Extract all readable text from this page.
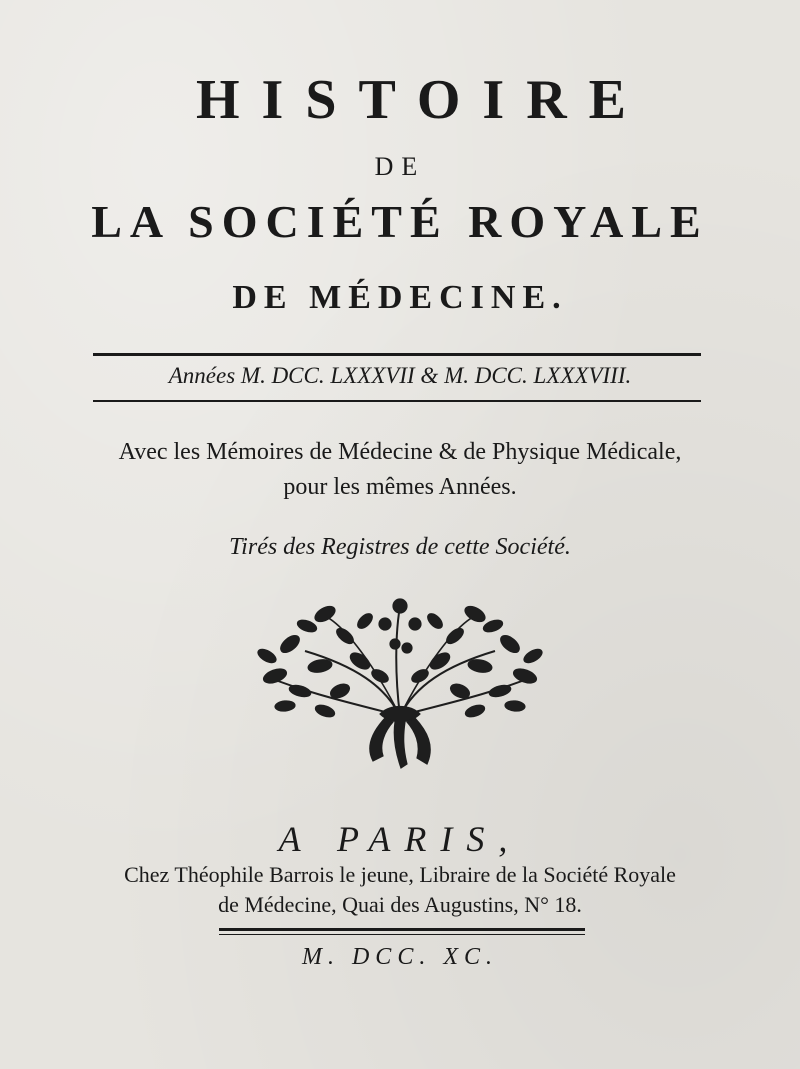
HISTOIRE
DE
LA SOCIÉTÉ ROYALE
DE MÉDECINE.
Années M. DCC. LXXXVII & M. DCC. LXXXVIII.
Avec les Mémoires de Médecine & de Physique Médicale,
pour les mêmes Années.
Tirés des Registres de cette Société.
A PARIS,
Chez Théophile Barrois le jeune, Libraire de la Société Royale
de Médecine, Quai des Augustins, N° 18.
M. DCC. XC.
